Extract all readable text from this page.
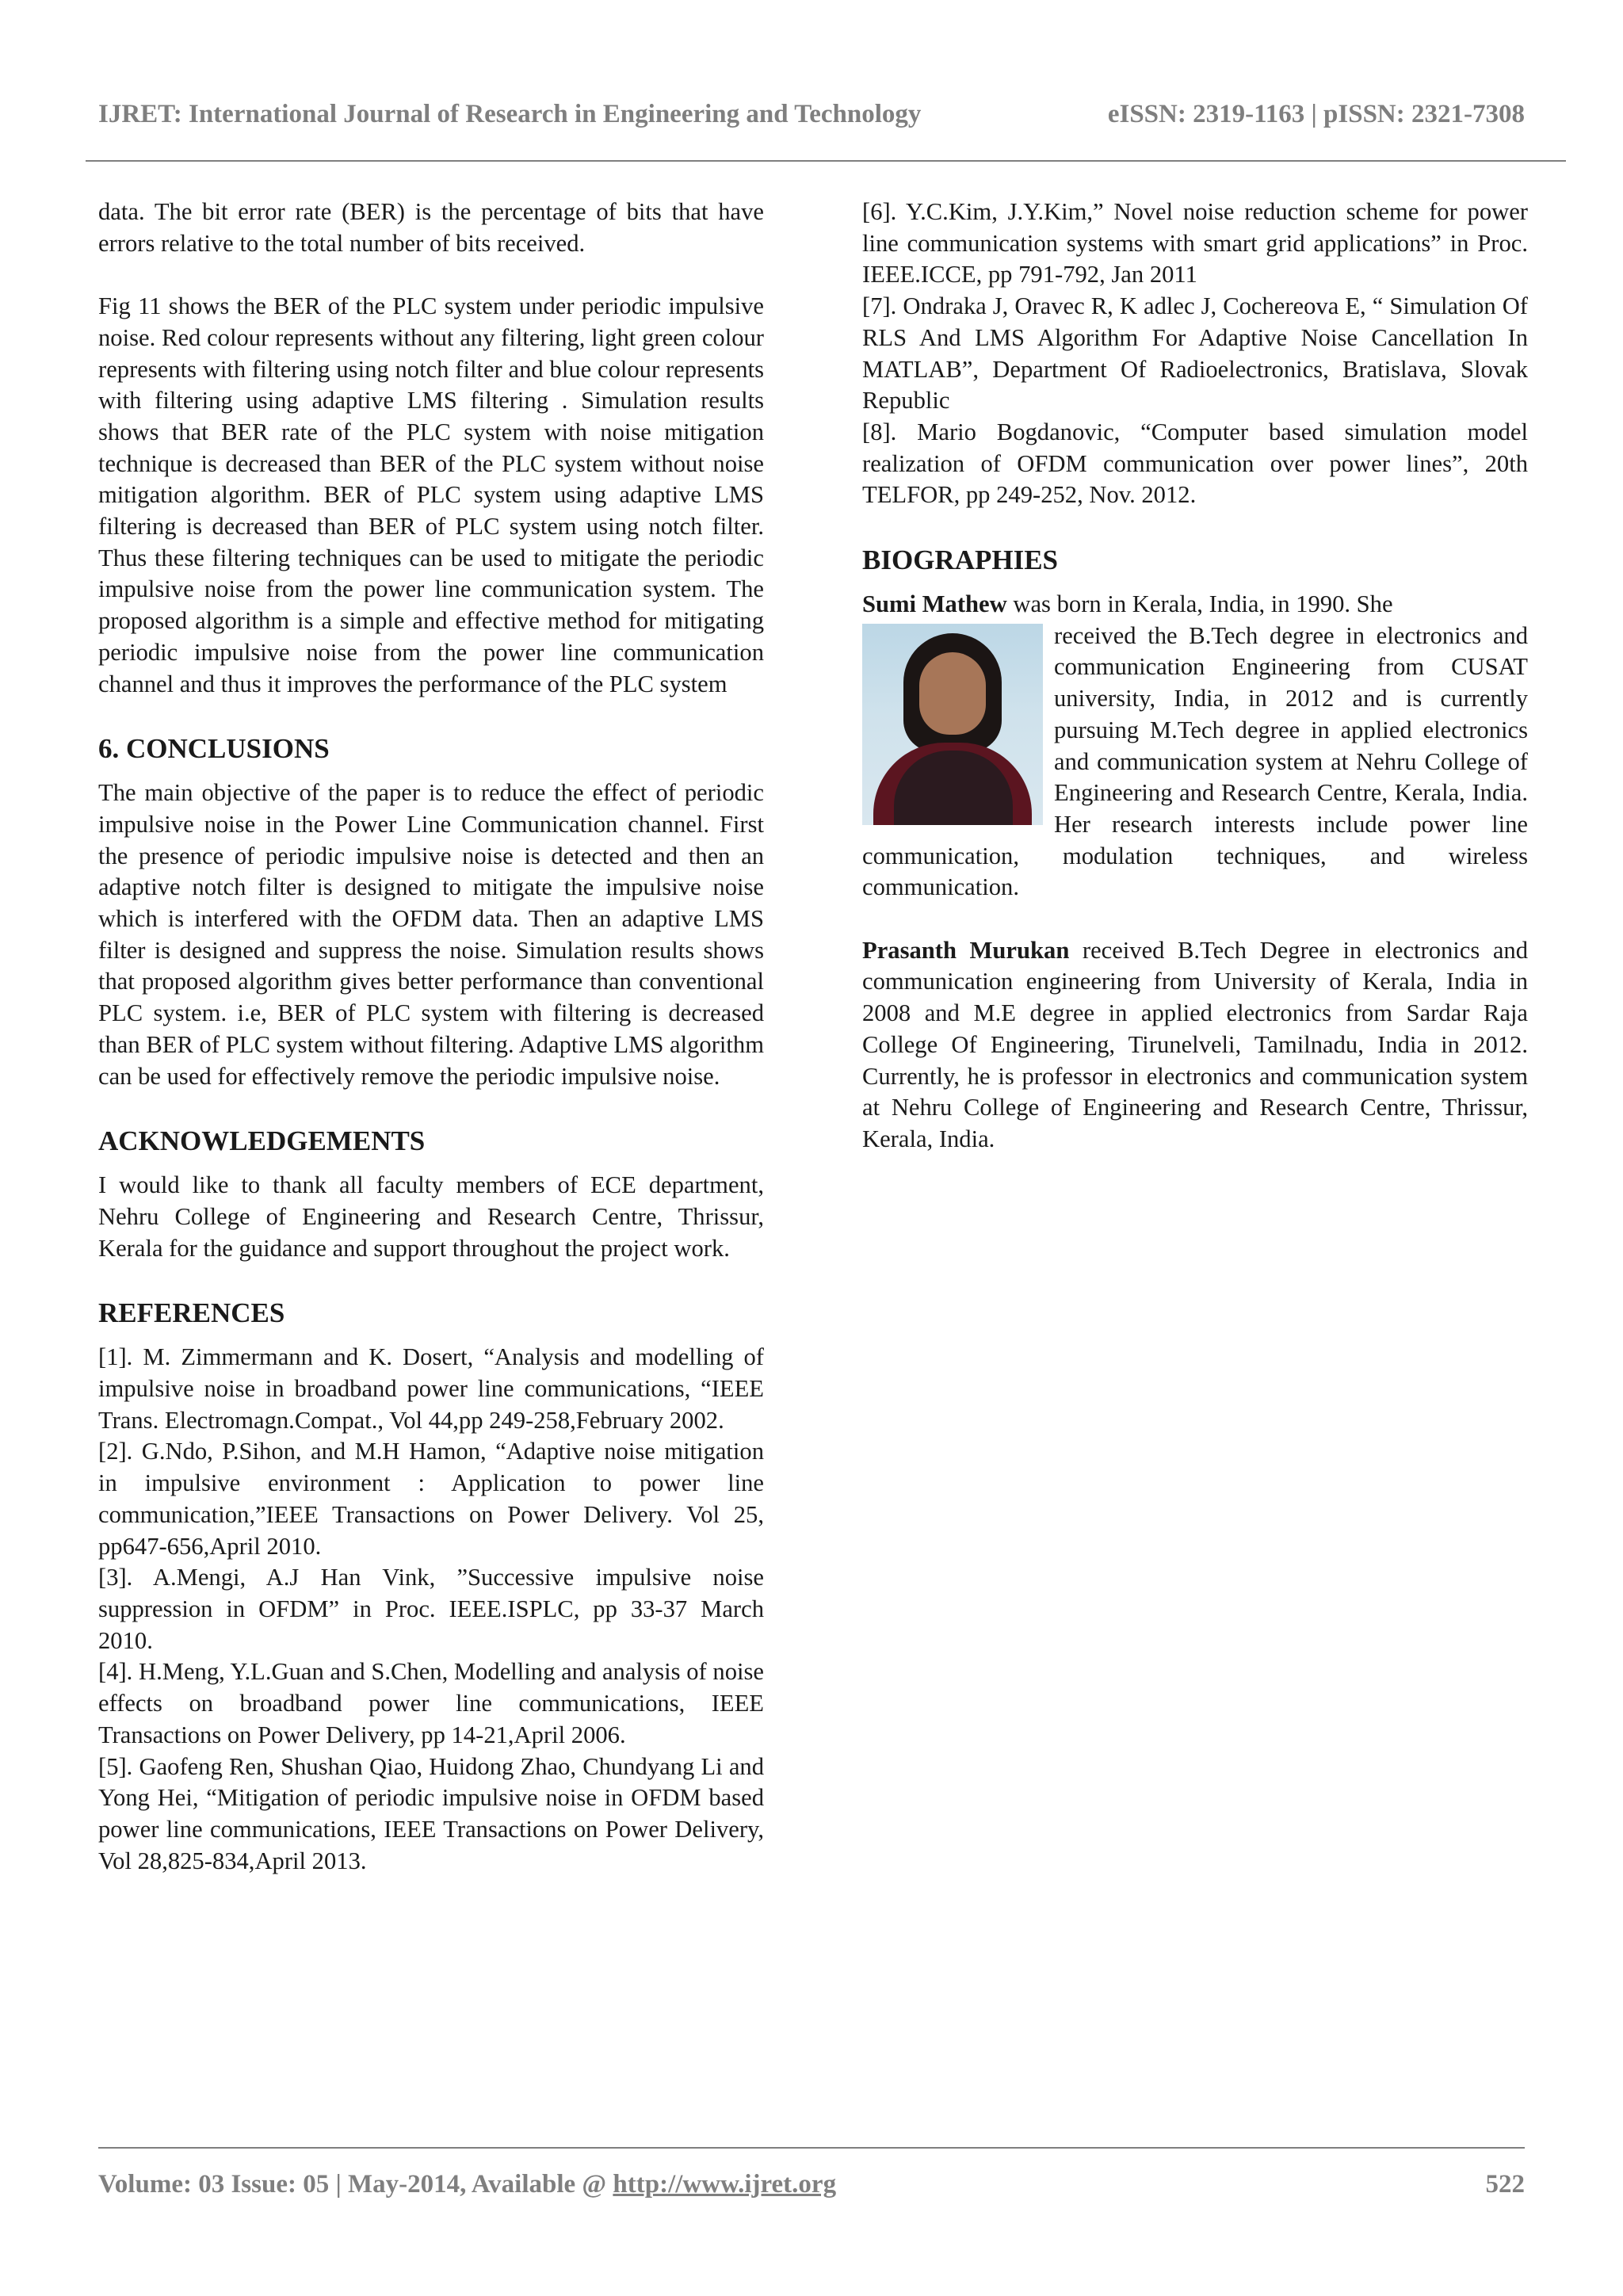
IJRET: International Journal of Research in Engineering and Technology	eISSN: 2319-1163 | pISSN: 2321-7308

data. The bit error rate (BER) is the percentage of bits that have errors relative to the total number of bits received.

Fig 11 shows the BER of the PLC system under periodic impulsive noise. Red colour represents without any filtering, light green colour represents with filtering using notch filter and blue colour represents with filtering using adaptive LMS filtering . Simulation results shows that BER rate of the PLC system with noise mitigation technique is decreased than BER of the PLC system without noise mitigation algorithm. BER of PLC system using adaptive LMS filtering is decreased than BER of PLC system using notch filter. Thus these filtering techniques can be used to mitigate the periodic impulsive noise from the power line communication system. The proposed algorithm is a simple and effective method for mitigating periodic impulsive noise from the power line communication channel and thus it improves the performance of the PLC system

6. CONCLUSIONS

The main objective of the paper is to reduce the effect of periodic impulsive noise in the Power Line Communication channel. First the presence of periodic impulsive noise is detected and then an adaptive notch filter is designed to mitigate the impulsive noise which is interfered with the OFDM data. Then an adaptive LMS filter is designed and suppress the noise. Simulation results shows that proposed algorithm gives better performance than conventional PLC system. i.e, BER of PLC system with filtering is decreased than BER of PLC system without filtering. Adaptive LMS algorithm can be used for effectively remove the periodic impulsive noise.

ACKNOWLEDGEMENTS

I would like to thank all faculty members of ECE department, Nehru College of Engineering and Research Centre, Thrissur, Kerala for the guidance and support throughout the project work.

REFERENCES
[1]. M. Zimmermann and K. Dosert, “Analysis and modelling of impulsive noise in broadband power line communications, “IEEE Trans. Electromagn.Compat., Vol 44,pp 249-258,February 2002.
[2]. G.Ndo, P.Sihon, and M.H Hamon, “Adaptive noise mitigation in impulsive environment : Application to power line communication,”IEEE Transactions on Power Delivery. Vol 25, pp647-656,April 2010.
[3]. A.Mengi, A.J Han Vink, ”Successive impulsive noise suppression in OFDM” in Proc. IEEE.ISPLC, pp 33-37 March 2010.
[4]. H.Meng, Y.L.Guan and S.Chen, Modelling and analysis of noise effects on broadband power line communications, IEEE Transactions on Power Delivery, pp 14-21,April 2006.
[5]. Gaofeng Ren, Shushan Qiao, Huidong Zhao, Chundyang Li and Yong Hei, “Mitigation of periodic impulsive noise in OFDM based power line communications, IEEE Transactions on Power Delivery, Vol 28,825-834,April 2013.
[6]. Y.C.Kim, J.Y.Kim,” Novel noise reduction scheme for power line communication systems with smart grid applications” in Proc. IEEE.ICCE, pp 791-792, Jan 2011
[7]. Ondraka J, Oravec R, K adlec J, Cochereova E, “ Simulation Of RLS And LMS Algorithm For Adaptive Noise Cancellation In MATLAB”, Department Of Radioelectronics, Bratislava, Slovak Republic
[8]. Mario Bogdanovic, “Computer based simulation model realization of OFDM communication over power lines”, 20th TELFOR, pp 249-252, Nov. 2012.
BIOGRAPHIES
Sumi Mathew was born in Kerala, India, in 1990. She

received the B.Tech degree in electronics and communication Engineering from CUSAT university, India, in 2012 and is currently pursuing M.Tech degree in applied electronics and communication system at Nehru College of Engineering and Research Centre, Kerala, India. Her research interests include power line communication, modulation techniques, and wireless communication.

Prasanth Murukan received B.Tech Degree in electronics and communication engineering from University of Kerala, India in 2008 and M.E degree in applied electronics from Sardar Raja College Of Engineering, Tirunelveli, Tamilnadu, India in 2012. Currently, he is professor in electronics and communication system at Nehru College of Engineering and Research Centre, Thrissur, Kerala, India.

Volume: 03 Issue: 05 | May-2014, Available @ http://www.ijret.org	522
